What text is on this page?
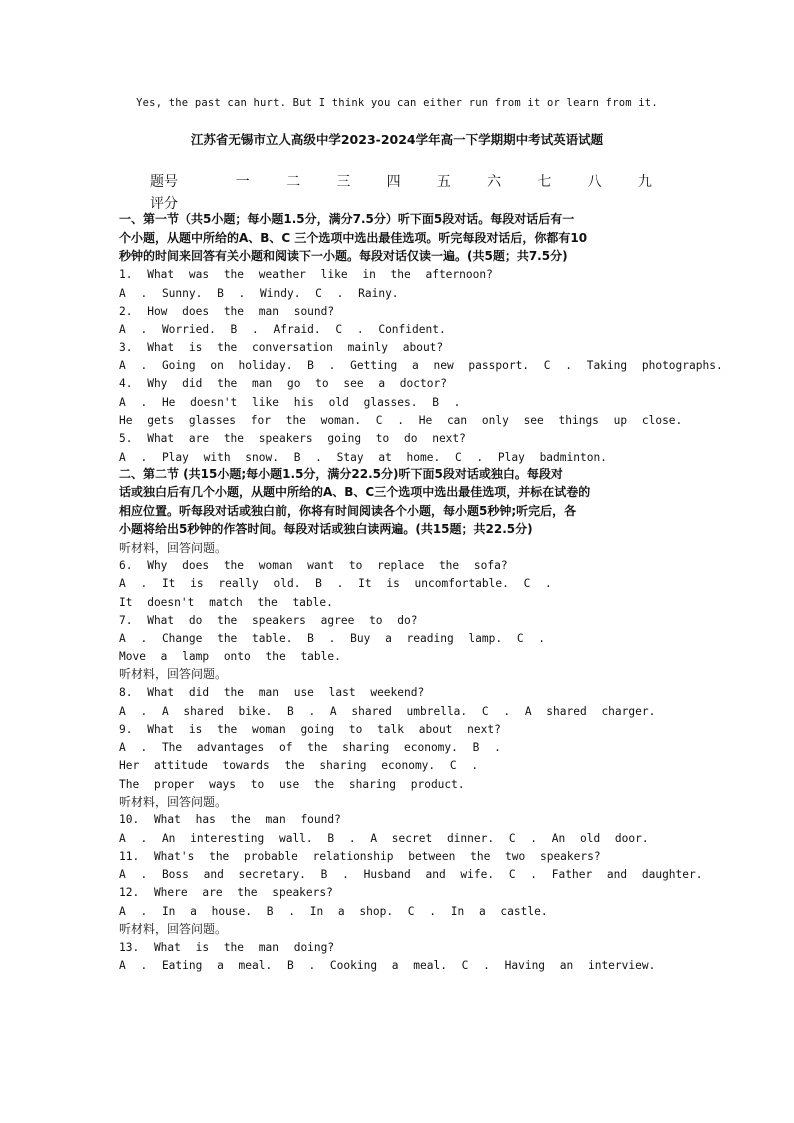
Yes, the past can hurt. But I think you can either run from it or learn from it.
江苏省无锡市立人高级中学2023-2024学年高一下学期期中考试英语试题
题号	一	二	三	四	五	六	七	八	九
评分
一、第一节（共5小题；每小题1.5分，满分7.5分）听下面5段对话。每段对话后有一
个小题，从题中所给的A、B、C 三个选项中选出最佳选项。听完每段对话后，你都有10
秒钟的时间来回答有关小题和阅读下一小题。每段对话仅读一遍。(共5题；共7.5分)
1. What was the weather like in the afternoon?
A . Sunny. B . Windy. C . Rainy.
2. How does the man sound?
A . Worried. B . Afraid. C . Confident.
3. What is the conversation mainly about?
A . Going on holiday. B . Getting a new passport. C . Taking photographs.
4. Why did the man go to see a doctor?
A . He doesn't like his old glasses. B .
He gets glasses for the woman. C . He can only see things up close.
5. What are the speakers going to do next?
A . Play with snow. B . Stay at home. C . Play badminton.
二、第二节 (共15小题;每小题1.5分，满分22.5分)听下面5段对话或独白。每段对
话或独白后有几个小题，从题中所给的A、B、C三个选项中选出最佳选项，并标在试卷的
相应位置。听每段对话或独白前，你将有时间阅读各个小题，每小题5秒钟;听完后，各
小题将给出5秒钟的作答时间。每段对话或独白读两遍。(共15题；共22.5分)
听材料，回答问题。
6. Why does the woman want to replace the sofa?
A . It is really old. B . It is uncomfortable. C .
It doesn't match the table.
7. What do the speakers agree to do?
A . Change the table. B . Buy a reading lamp. C .
Move a lamp onto the table.
听材料，回答问题。
8. What did the man use last weekend?
A . A shared bike. B . A shared umbrella. C . A shared charger.
9. What is the woman going to talk about next?
A . The advantages of the sharing economy. B .
Her attitude towards the sharing economy. C .
The proper ways to use the sharing product.
听材料，回答问题。
10. What has the man found?
A . An interesting wall. B . A secret dinner. C . An old door.
11. What's the probable relationship between the two speakers?
A . Boss and secretary. B . Husband and wife. C . Father and daughter.
12. Where are the speakers?
A . In a house. B . In a shop. C . In a castle.
听材料，回答问题。
13. What is the man doing?
A . Eating a meal. B . Cooking a meal. C . Having an interview.
